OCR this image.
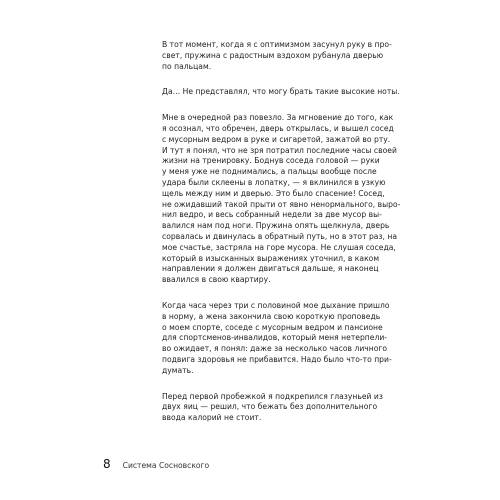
В тот момент, когда я с оптимизмом засунул руку в про-
свет, пружина с радостным вздохом рубанула дверью
по пальцам.

Да… Не представлял, что могу брать такие высокие ноты.

Мне в очередной раз повезло. За мгновение до того, как
я осознал, что обречен, дверь открылась, и вышел сосед
с мусорным ведром в руке и сигаретой, зажатой во рту.
И тут я понял, что не зря потратил последние часы своей
жизни на тренировку. Боднув соседа головой — руки
у меня уже не поднимались, а пальцы вообще после
удара были склеены в лопатку, — я вклинился в узкую
щель между ним и дверью. Это было спасение! Сосед,
не ожидавший такой прыти от явно ненормального, выро-
нил ведро, и весь собранный недели за две мусор вы-
валился нам под ноги. Пружина опять щелкнула, дверь
сорвалась и двинулась в обратный путь, но в этот раз, на
мое счастье, застряла на горе мусора. Не слушая соседа,
который в изысканных выражениях уточнил, в каком
направлении я должен двигаться дальше, я наконец
ввалился в свою квартиру.

Когда часа через три с половиной мое дыхание пришло
в норму, а жена закончила свою короткую проповедь
о моем спорте, соседе с мусорным ведром и пансионе
для спортсменов-инвалидов, который меня нетерпели-
во ожидает, я понял: даже за несколько часов личного
подвига здоровья не прибавится. Надо было что-то при-
думать.

Перед первой пробежкой я подкрепился глазуньей из
двух яиц — решил, что бежать без дополнительного
ввода калорий не стоит.

8 Система Сосновского
